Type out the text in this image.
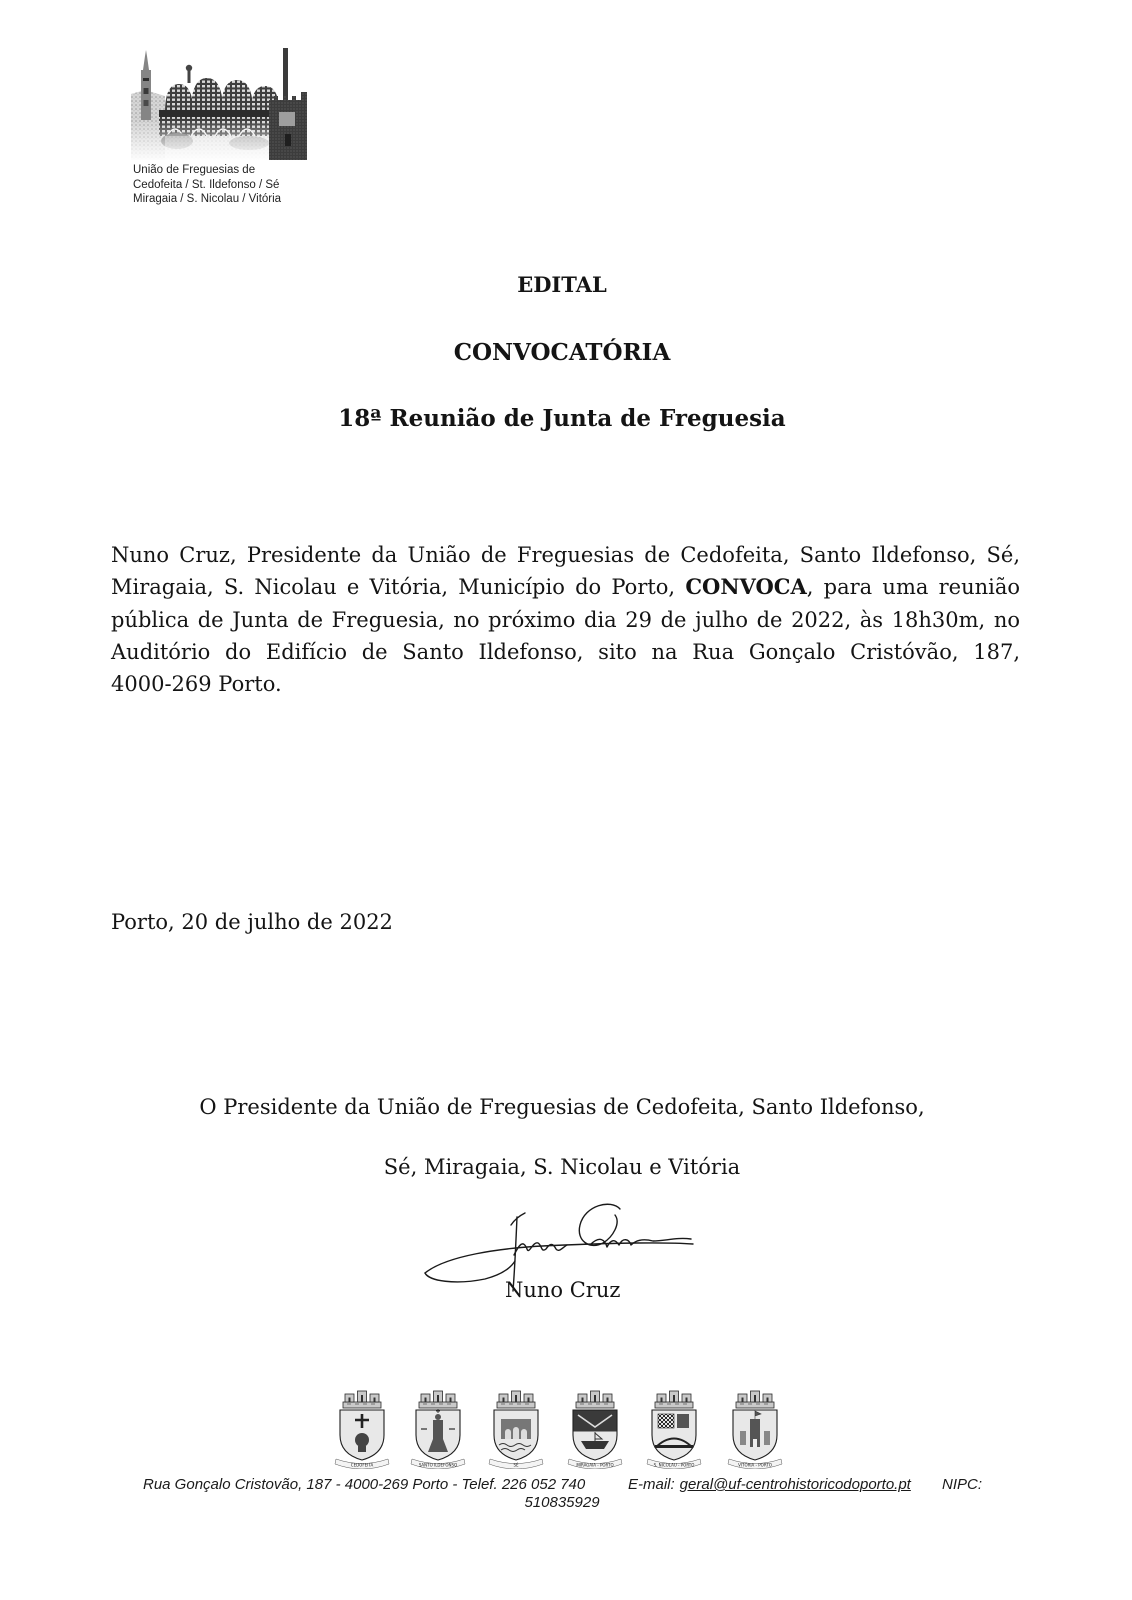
União de Freguesias de
Cedofeita / St. Ildefonso / Sé
Miragaia / S. Nicolau / Vitória
EDITAL
CONVOCATÓRIA
18ª Reunião de Junta de Freguesia
Nuno Cruz, Presidente da União de Freguesias de Cedofeita, Santo Ildefonso, Sé,
Miragaia, S. Nicolau e Vitória, Município do Porto, CONVOCA, para uma reunião
pública de Junta de Freguesia, no próximo dia 29 de julho de 2022, às 18h30m, no
Auditório do Edifício de Santo Ildefonso, sito na Rua Gonçalo Cristóvão, 187,
4000-269 Porto.
Porto, 20 de julho de 2022
O Presidente da União de Freguesias de Cedofeita, Santo Ildefonso,
Sé, Miragaia, S. Nicolau e Vitória
Nuno Cruz
CEDOFEITA	SANTO ILDEFONSO	SÉ	MIRAGAIA - PORTO	S. NICOLAU - PORTO	VITÓRIA - PORTO
Rua Gonçalo Cristovão, 187 - 4000-269 Porto - Telef. 226 052 740	E-mail: geral@uf-centrohistoricodoporto.pt NIPC:
510835929
